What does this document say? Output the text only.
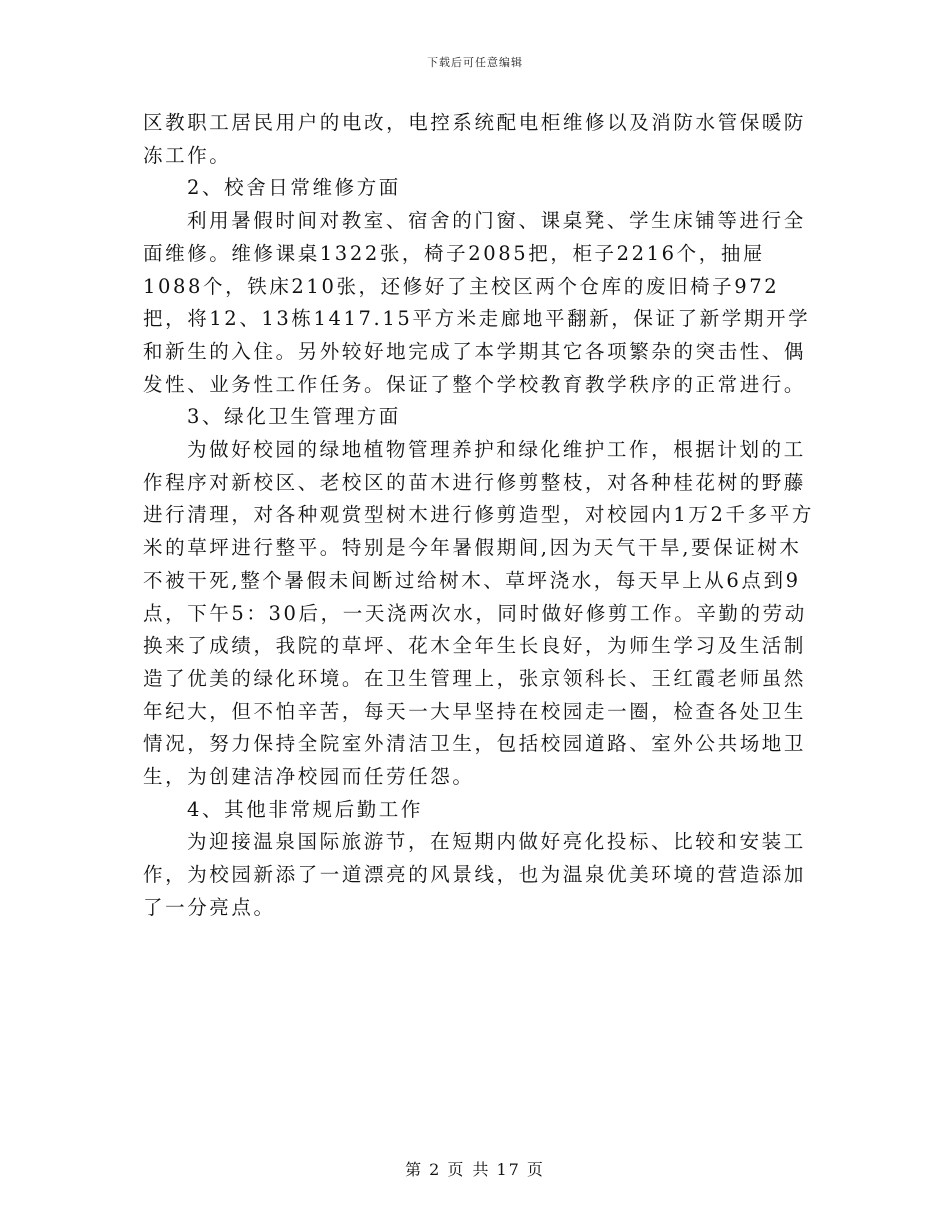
下载后可任意编辑

区教职工居民用户的电改，电控系统配电柜维修以及消防水管保暖防冻工作。

2、校舍日常维修方面

利用暑假时间对教室、宿舍的门窗、课桌凳、学生床铺等进行全面维修。维修课桌1322张，椅子2085把，柜子2216个，抽屉1088个，铁床210张，还修好了主校区两个仓库的废旧椅子972把，将12、13栋1417.15平方米走廊地平翻新，保证了新学期开学和新生的入住。另外较好地完成了本学期其它各项繁杂的突击性、偶发性、业务性工作任务。保证了整个学校教育教学秩序的正常进行。

3、绿化卫生管理方面

为做好校园的绿地植物管理养护和绿化维护工作，根据计划的工作程序对新校区、老校区的苗木进行修剪整枝，对各种桂花树的野藤进行清理，对各种观赏型树木进行修剪造型，对校园内1万2千多平方米的草坪进行整平。特别是今年暑假期间,因为天气干旱,要保证树木不被干死,整个暑假未间断过给树木、草坪浇水，每天早上从6点到9点，下午5：30后，一天浇两次水，同时做好修剪工作。辛勤的劳动换来了成绩，我院的草坪、花木全年生长良好，为师生学习及生活制造了优美的绿化环境。在卫生管理上，张京领科长、王红霞老师虽然年纪大，但不怕辛苦，每天一大早坚持在校园走一圈，检查各处卫生情况，努力保持全院室外清洁卫生，包括校园道路、室外公共场地卫生，为创建洁净校园而任劳任怨。

4、其他非常规后勤工作

为迎接温泉国际旅游节，在短期内做好亮化投标、比较和安装工作，为校园新添了一道漂亮的风景线，也为温泉优美环境的营造添加了一分亮点。

第 2 页 共 17 页
